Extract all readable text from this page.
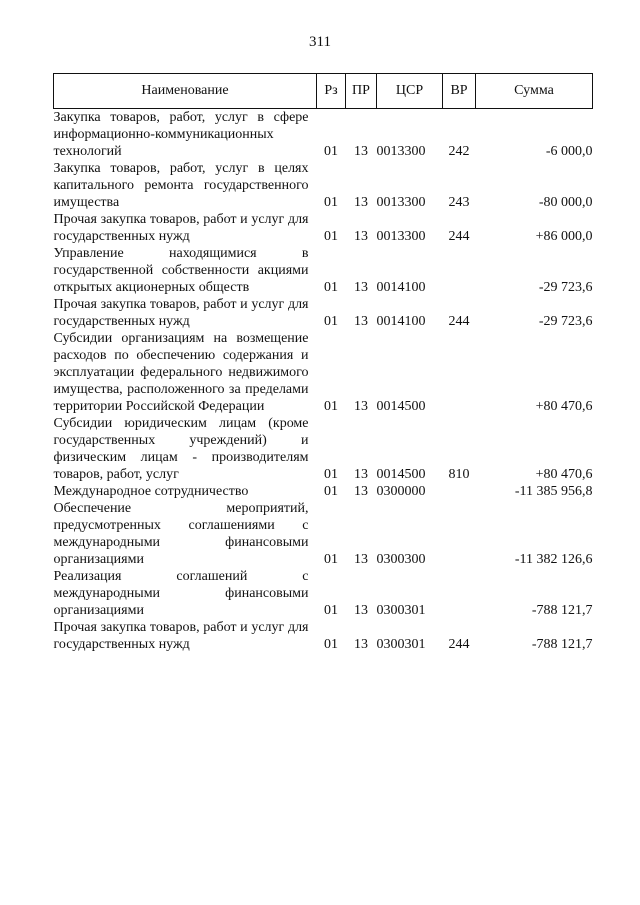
311
Наименование	Рз	ПР	ЦСР	ВР	Сумма

Закупка товаров, работ, услуг в сфере информационно-коммуникационных технологий	01	13	0013300	242	-6 000,0

Закупка товаров, работ, услуг в целях капитального ремонта государственного имущества	01	13	0013300	243	-80 000,0

Прочая закупка товаров, работ и услуг для государственных нужд	01	13	0013300	244	+86 000,0

Управление находящимися в государственной собственности акциями открытых акционерных обществ	01	13	0014100		-29 723,6

Прочая закупка товаров, работ и услуг для государственных нужд	01	13	0014100	244	-29 723,6

Субсидии организациям на возмещение расходов по обеспечению содержания и эксплуатации федерального недвижимого имущества, расположенного за пределами территории Российской Федерации	01	13	0014500		+80 470,6

Субсидии юридическим лицам (кроме государственных учреждений) и физическим лицам - производителям товаров, работ, услуг	01	13	0014500	810	+80 470,6

Международное сотрудничество	01	13	0300000		-11 385 956,8

Обеспечение мероприятий, предусмотренных соглашениями с международными финансовыми организациями	01	13	0300300		-11 382 126,6

Реализация соглашений с международными финансовыми организациями	01	13	0300301		-788 121,7

Прочая закупка товаров, работ и услуг для государственных нужд	01	13	0300301	244	-788 121,7
